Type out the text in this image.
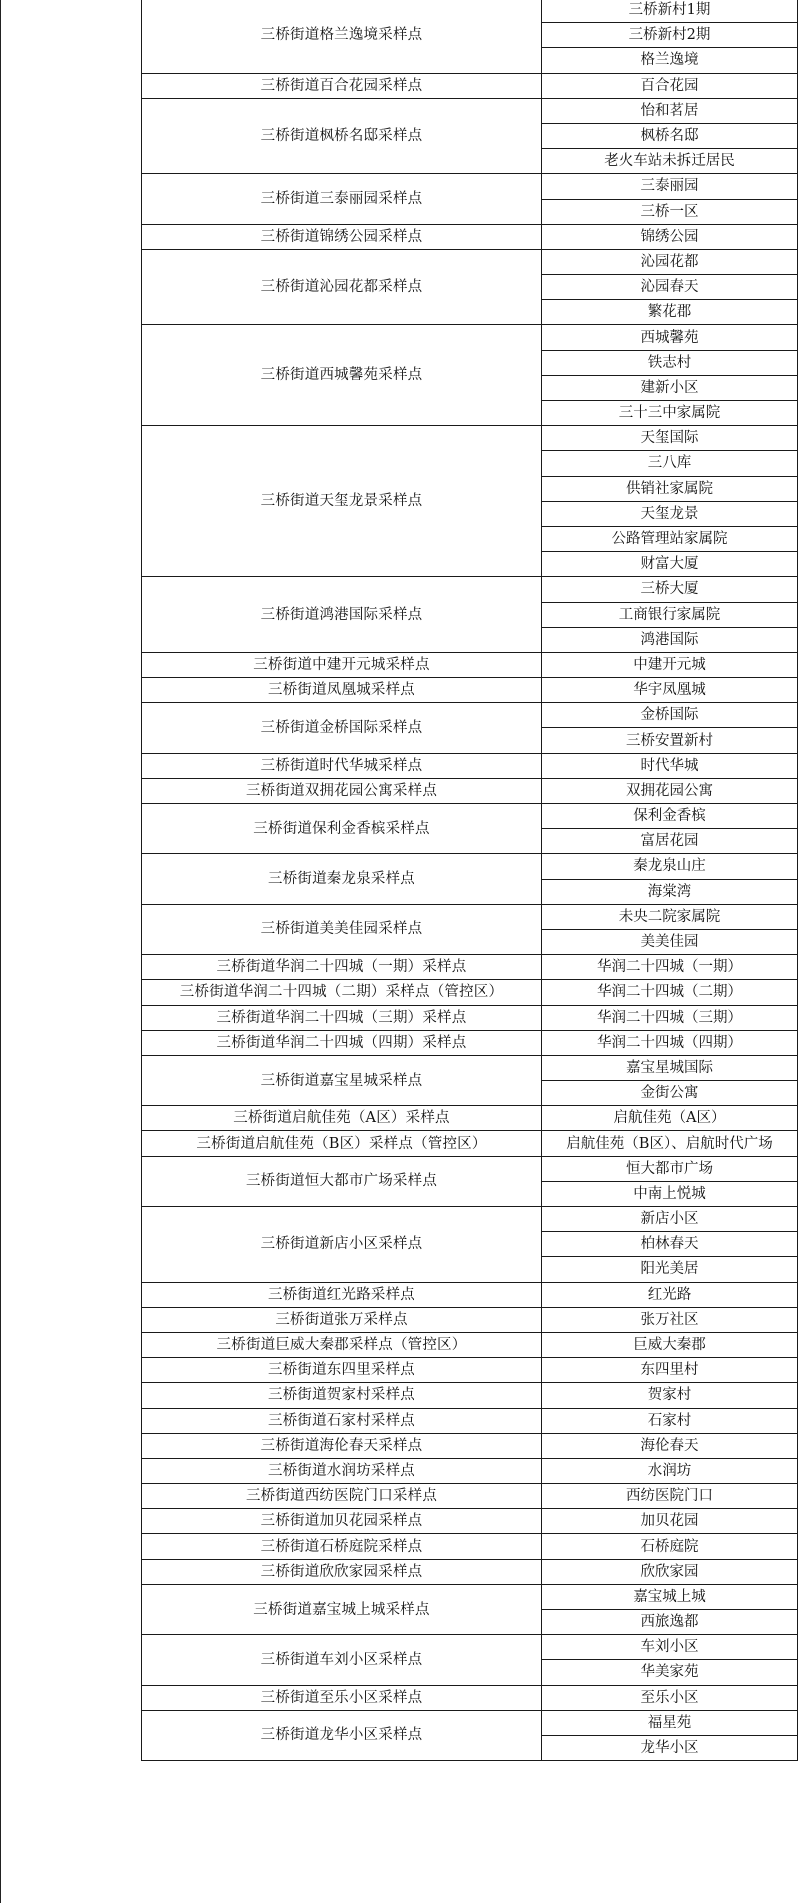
三桥街道格兰逸境采样点	三桥新村1期
	三桥新村2期
	格兰逸境
三桥街道百合花园采样点	百合花园
三桥街道枫桥名邸采样点	怡和茗居
	枫桥名邸
	老火车站未拆迁居民
三桥街道三泰丽园采样点	三泰丽园
	三桥一区
三桥街道锦绣公园采样点	锦绣公园
三桥街道沁园花都采样点	沁园花都
	沁园春天
	繁花郡
三桥街道西城馨苑采样点	西城馨苑
	铁志村
	建新小区
	三十三中家属院
三桥街道天玺龙景采样点	天玺国际
	三八库
	供销社家属院
	天玺龙景
	公路管理站家属院
	财富大厦
三桥街道鸿港国际采样点	三桥大厦
	工商银行家属院
	鸿港国际
三桥街道中建开元城采样点	中建开元城
三桥街道凤凰城采样点	华宇凤凰城
三桥街道金桥国际采样点	金桥国际
	三桥安置新村
三桥街道时代华城采样点	时代华城
三桥街道双拥花园公寓采样点	双拥花园公寓
三桥街道保利金香槟采样点	保利金香槟
	富居花园
三桥街道秦龙泉采样点	秦龙泉山庄
	海棠湾
三桥街道美美佳园采样点	未央二院家属院
	美美佳园
三桥街道华润二十四城（一期）采样点	华润二十四城（一期）
三桥街道华润二十四城（二期）采样点（管控区）	华润二十四城（二期）
三桥街道华润二十四城（三期）采样点	华润二十四城（三期）
三桥街道华润二十四城（四期）采样点	华润二十四城（四期）
三桥街道嘉宝星城采样点	嘉宝星城国际
	金街公寓
三桥街道启航佳苑（A区）采样点	启航佳苑（A区）
三桥街道启航佳苑（B区）采样点（管控区）	启航佳苑（B区）、启航时代广场
三桥街道恒大都市广场采样点	恒大都市广场
	中南上悦城
三桥街道新店小区采样点	新店小区
	柏林春天
	阳光美居
三桥街道红光路采样点	红光路
三桥街道张万采样点	张万社区
三桥街道巨威大秦郡采样点（管控区）	巨威大秦郡
三桥街道东四里采样点	东四里村
三桥街道贺家村采样点	贺家村
三桥街道石家村采样点	石家村
三桥街道海伦春天采样点	海伦春天
三桥街道水润坊采样点	水润坊
三桥街道西纺医院门口采样点	西纺医院门口
三桥街道加贝花园采样点	加贝花园
三桥街道石桥庭院采样点	石桥庭院
三桥街道欣欣家园采样点	欣欣家园
三桥街道嘉宝城上城采样点	嘉宝城上城
	西旅逸都
三桥街道车刘小区采样点	车刘小区
	华美家苑
三桥街道至乐小区采样点	至乐小区
三桥街道龙华小区采样点	福星苑
	龙华小区
